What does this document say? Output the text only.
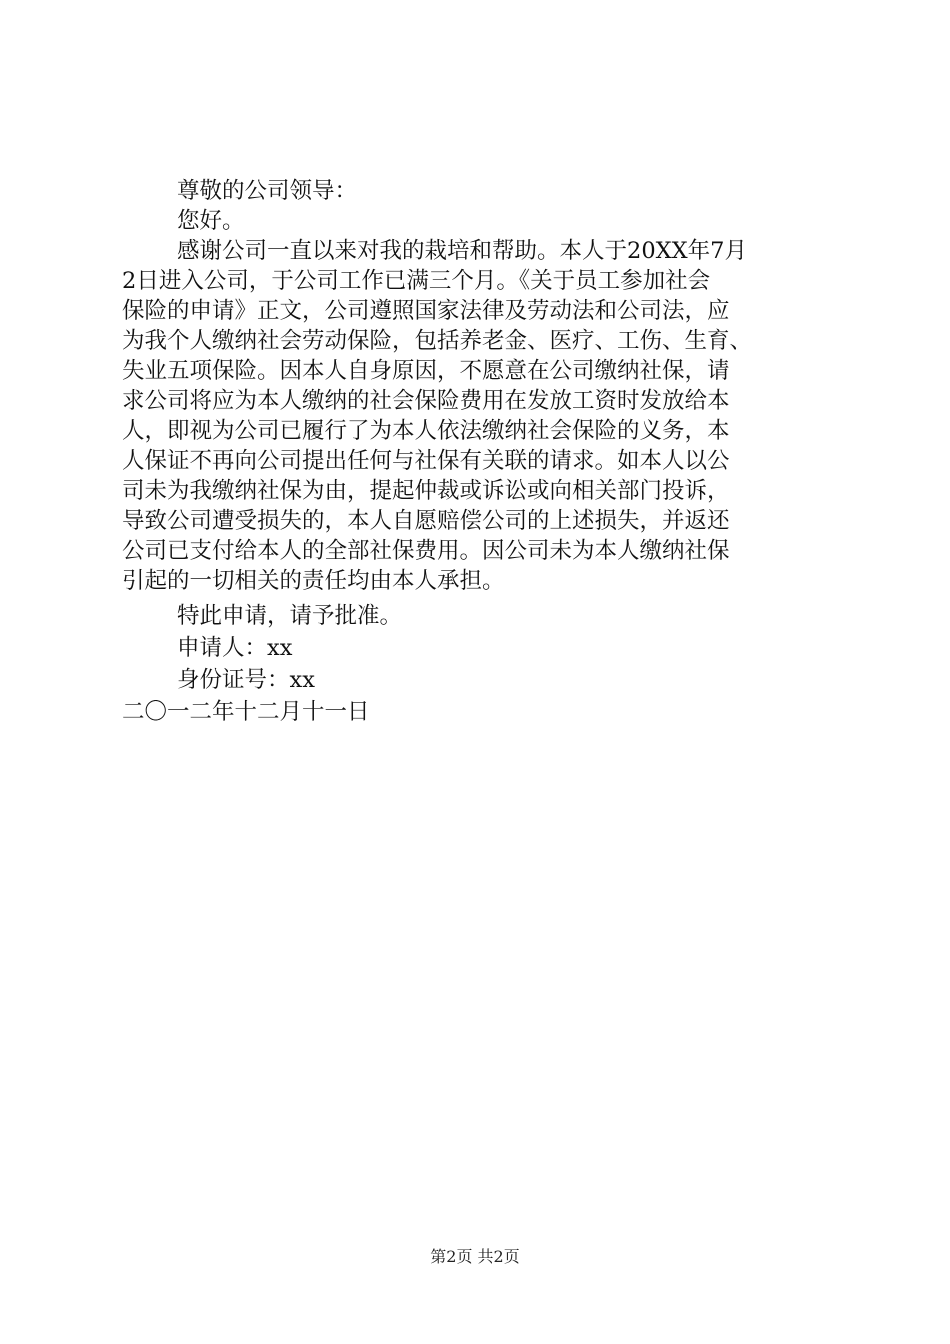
尊敬的公司领导：
您好。
感谢公司一直以来对我的栽培和帮助。本人于20XX年7月
2日进入公司，于公司工作已满三个月。《关于员工参加社会
保险的申请》正文，公司遵照国家法律及劳动法和公司法，应
为我个人缴纳社会劳动保险，包括养老金、医疗、工伤、生育、
失业五项保险。因本人自身原因，不愿意在公司缴纳社保，请
求公司将应为本人缴纳的社会保险费用在发放工资时发放给本
人，即视为公司已履行了为本人依法缴纳社会保险的义务，本
人保证不再向公司提出任何与社保有关联的请求。如本人以公
司未为我缴纳社保为由，提起仲裁或诉讼或向相关部门投诉，
导致公司遭受损失的，本人自愿赔偿公司的上述损失，并返还
公司已支付给本人的全部社保费用。因公司未为本人缴纳社保
引起的一切相关的责任均由本人承担。
特此申请，请予批准。
申请人：xx
身份证号：xx
二〇一二年十二月十一日
第2页 共2页
